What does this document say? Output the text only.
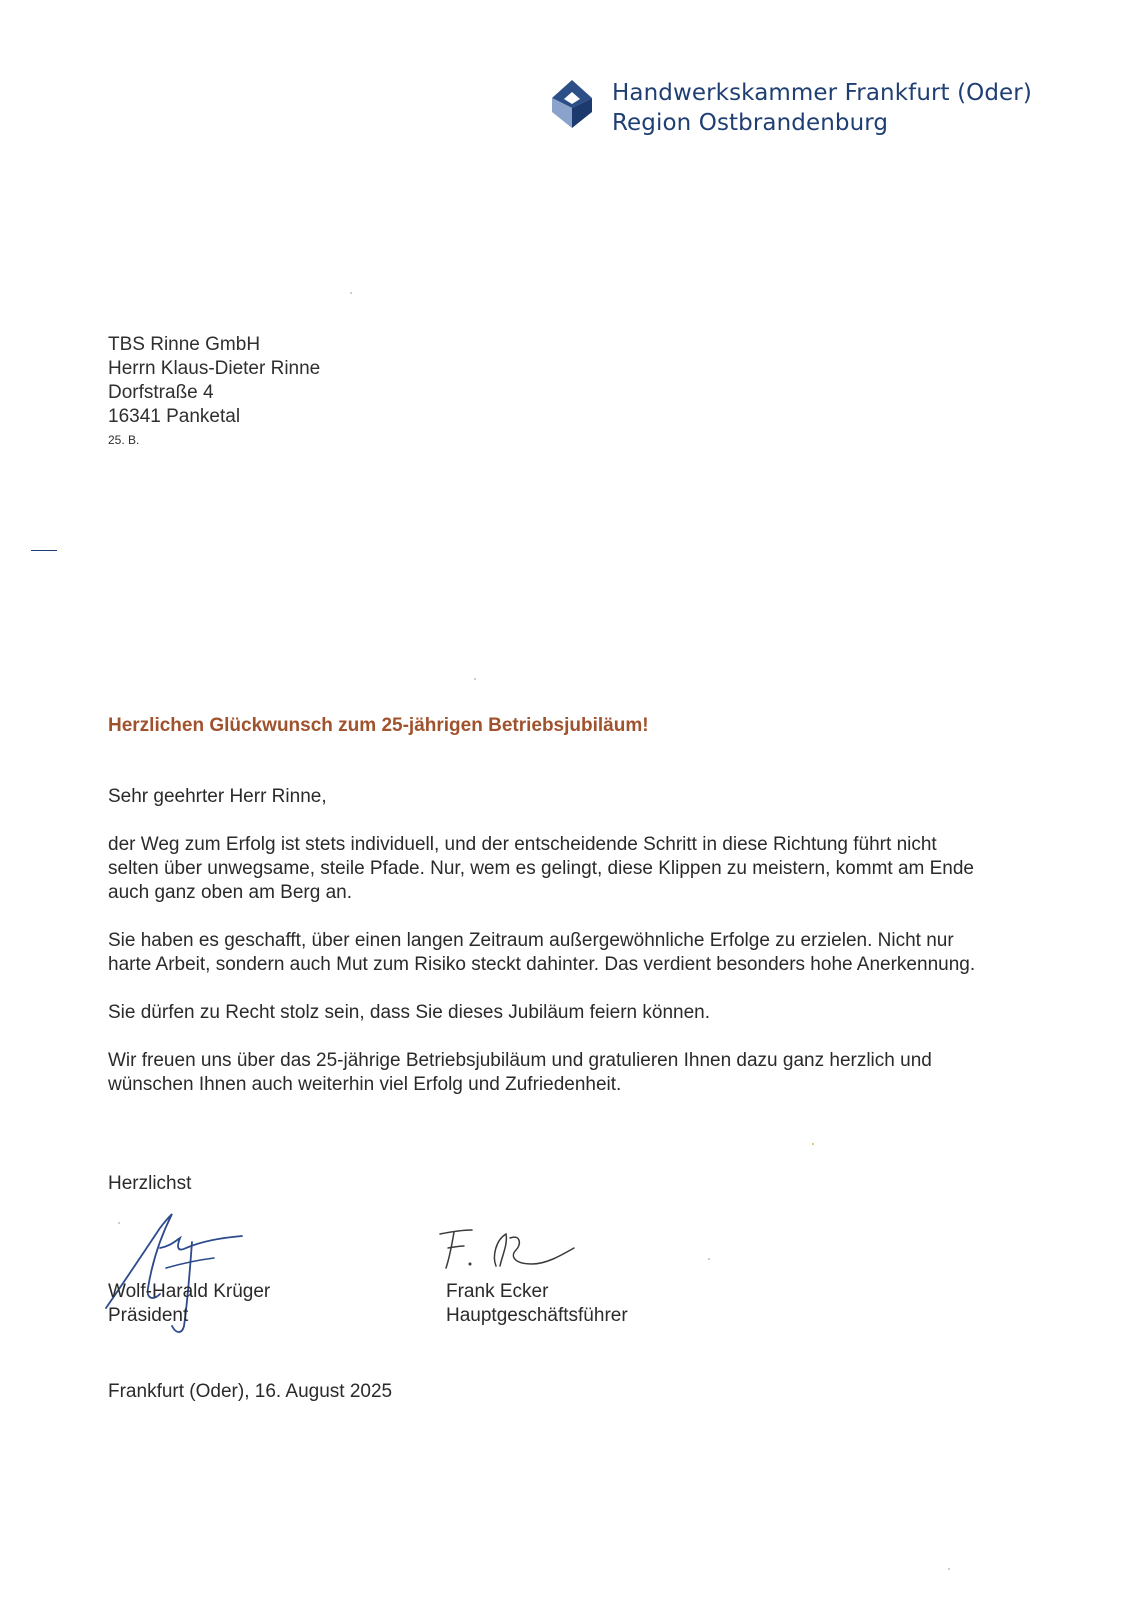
Handwerkskammer Frankfurt (Oder)
Region Ostbrandenburg
TBS Rinne GmbH
Herrn Klaus-Dieter Rinne
Dorfstraße 4
16341 Panketal
25. B.
Herzlichen Glückwunsch zum 25-jährigen Betriebsjubiläum!
Sehr geehrter Herr Rinne,

der Weg zum Erfolg ist stets individuell, und der entscheidende Schritt in diese Richtung führt nicht selten über unwegsame, steile Pfade. Nur, wem es gelingt, diese Klippen zu meistern, kommt am Ende auch ganz oben am Berg an.

Sie haben es geschafft, über einen langen Zeitraum außergewöhnliche Erfolge zu erzielen. Nicht nur harte Arbeit, sondern auch Mut zum Risiko steckt dahinter. Das verdient besonders hohe Anerkennung.

Sie dürfen zu Recht stolz sein, dass Sie dieses Jubiläum feiern können.

Wir freuen uns über das 25-jährige Betriebsjubiläum und gratulieren Ihnen dazu ganz herzlich und wünschen Ihnen auch weiterhin viel Erfolg und Zufriedenheit.

Herzlichst
Wolf-Harald Krüger
Präsident
Frank Ecker
Hauptgeschäftsführer
Frankfurt (Oder), 16. August 2025
